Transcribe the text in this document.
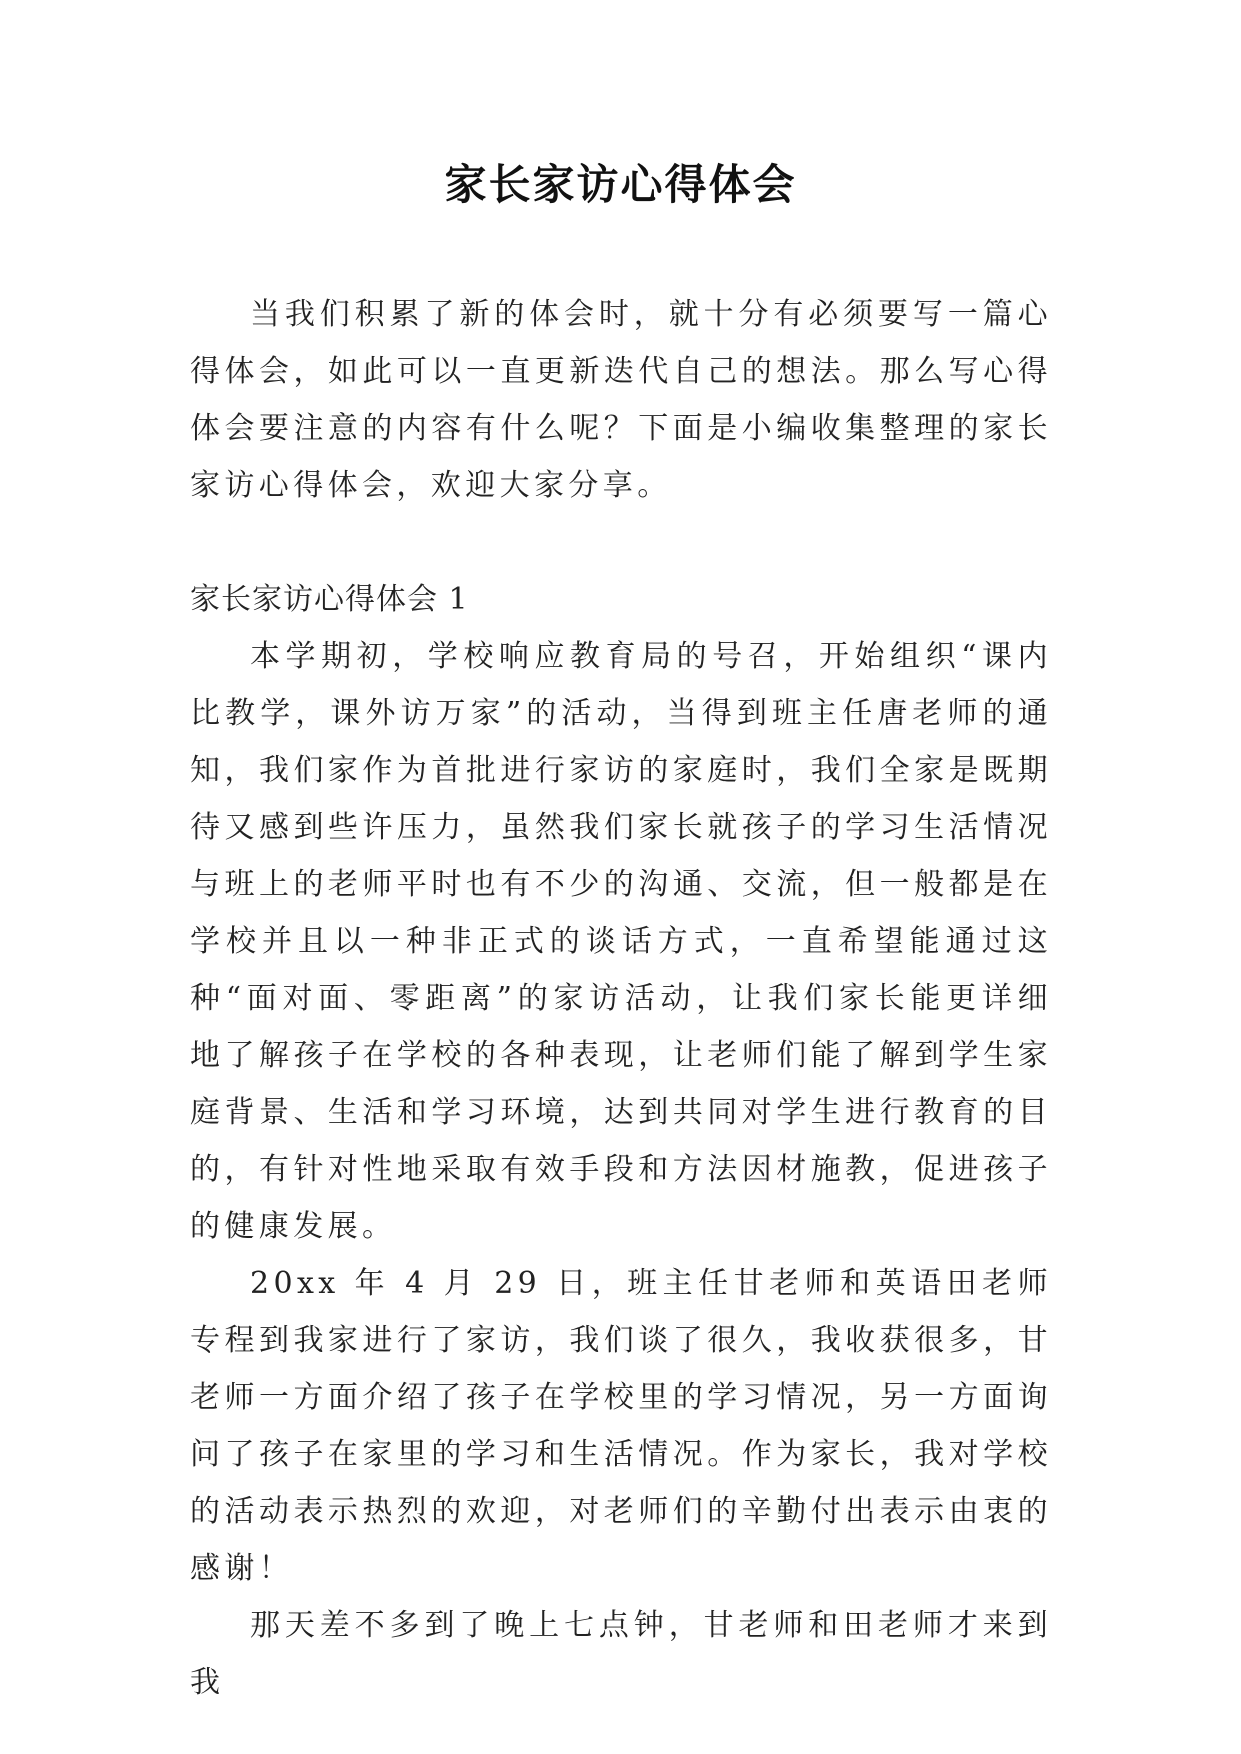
家长家访心得体会

当我们积累了新的体会时，就十分有必须要写一篇心得体会，如此可以一直更新迭代自己的想法。那么写心得体会要注意的内容有什么呢？下面是小编收集整理的家长家访心得体会，欢迎大家分享。

家长家访心得体会 1

本学期初，学校响应教育局的号召，开始组织“课内比教学，课外访万家”的活动，当得到班主任唐老师的通知，我们家作为首批进行家访的家庭时，我们全家是既期待又感到些许压力，虽然我们家长就孩子的学习生活情况与班上的老师平时也有不少的沟通、交流，但一般都是在学校并且以一种非正式的谈话方式，一直希望能通过这种“面对面、零距离”的家访活动，让我们家长能更详细地了解孩子在学校的各种表现，让老师们能了解到学生家庭背景、生活和学习环境，达到共同对学生进行教育的目的，有针对性地采取有效手段和方法因材施教，促进孩子的健康发展。

20xx 年 4 月 29 日，班主任甘老师和英语田老师专程到我家进行了家访，我们谈了很久，我收获很多，甘老师一方面介绍了孩子在学校里的学习情况，另一方面询问了孩子在家里的学习和生活情况。作为家长，我对学校的活动表示热烈的欢迎，对老师们的辛勤付出表示由衷的感谢！

那天差不多到了晚上七点钟，甘老师和田老师才来到我
